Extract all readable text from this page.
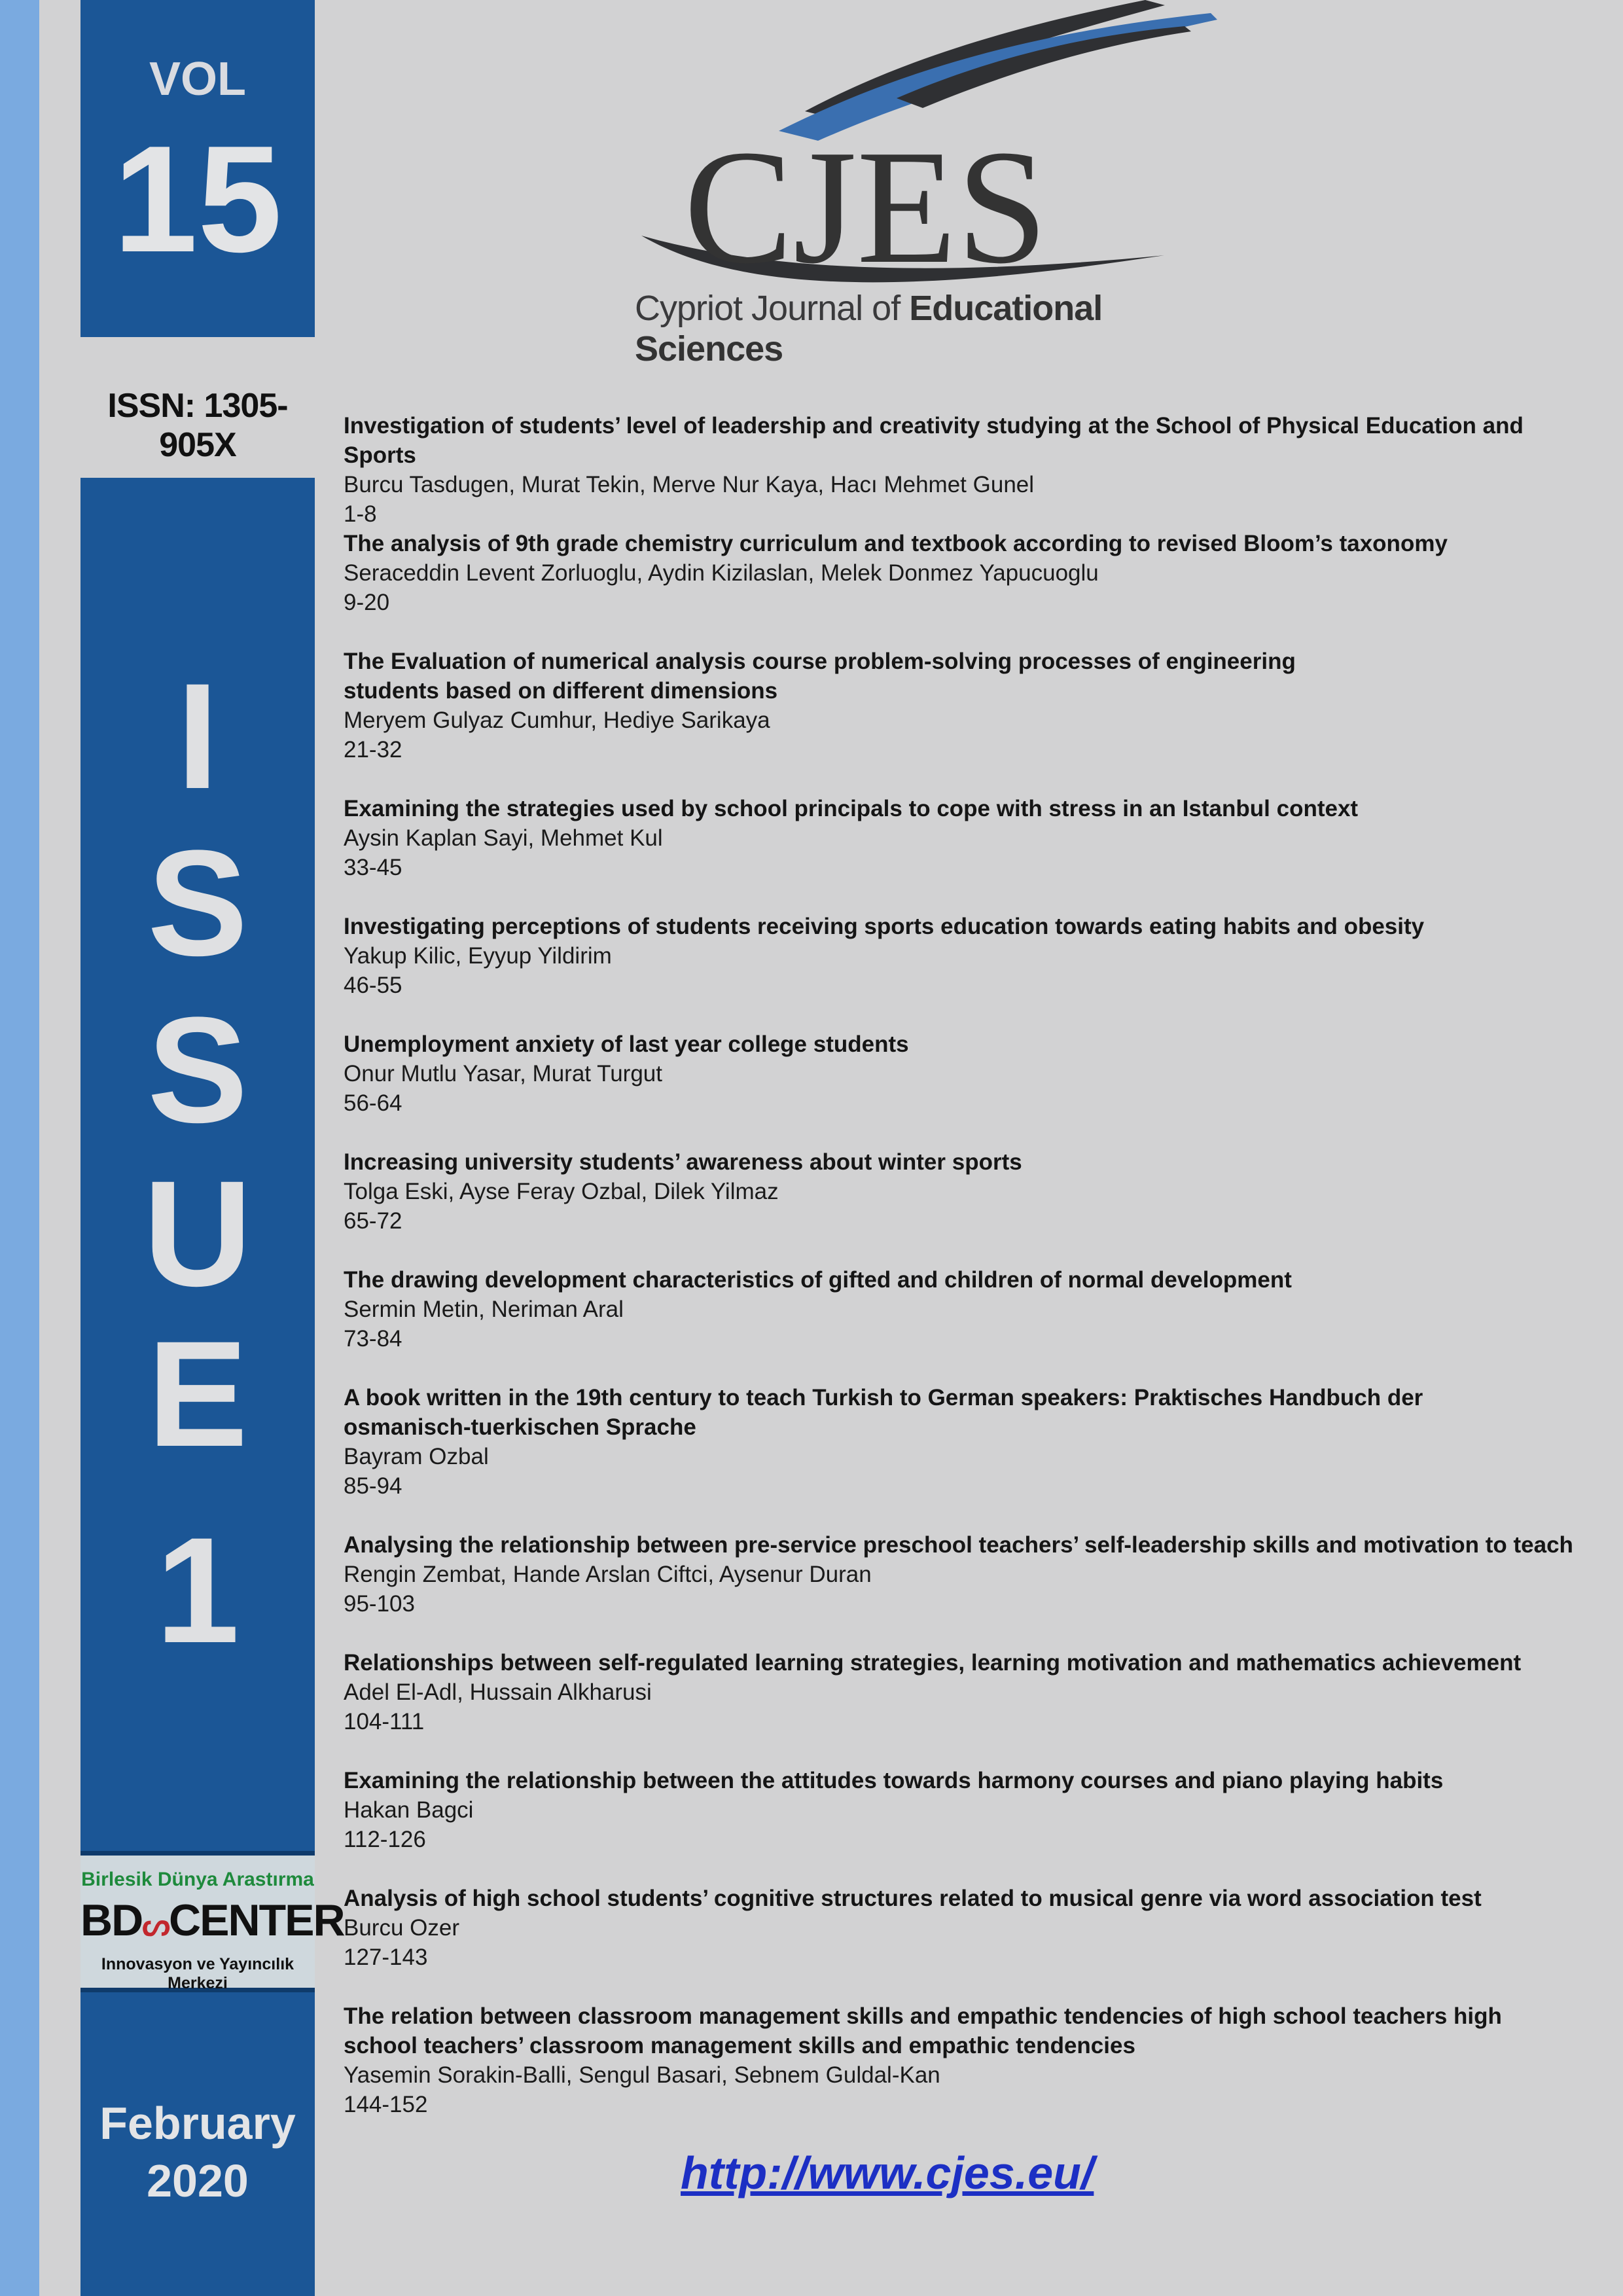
VOL
15
ISSN: 1305-905X
I
S
S
U
E
1
Birlesik Dünya Arastırma
BDᔕCENTER
Innovasyon ve Yayıncılık Merkezi
February
2020
CJES
Cypriot Journal of Educational Sciences
Investigation of students’ level of leadership and creativity studying at the School of Physical Education and Sports
Burcu Tasdugen, Murat Tekin, Merve Nur Kaya, Hacı Mehmet Gunel
1-8
The analysis of 9th grade chemistry curriculum and textbook according to revised Bloom’s taxonomy
Seraceddin Levent Zorluoglu, Aydin Kizilaslan, Melek Donmez Yapucuoglu
9-20
The Evaluation of numerical analysis course problem-solving processes of engineering
students based on different dimensions
Meryem Gulyaz Cumhur, Hediye Sarikaya
21-32
Examining the strategies used by school principals to cope with stress in an Istanbul context
Aysin Kaplan Sayi, Mehmet Kul
33-45
Investigating perceptions of students receiving sports education towards eating habits and obesity
Yakup Kilic, Eyyup Yildirim
46-55
Unemployment anxiety of last year college students
Onur Mutlu Yasar, Murat Turgut
56-64
Increasing university students’ awareness about winter sports
Tolga Eski, Ayse Feray Ozbal, Dilek Yilmaz
65-72
The drawing development characteristics of gifted and children of normal development
Sermin Metin, Neriman Aral
73-84
A book written in the 19th century to teach Turkish to German speakers: Praktisches Handbuch der
osmanisch-tuerkischen Sprache
Bayram Ozbal
85-94
Analysing the relationship between pre-service preschool teachers’ self-leadership skills and motivation to teach
Rengin Zembat, Hande Arslan Ciftci, Aysenur Duran
95-103
Relationships between self-regulated learning strategies, learning motivation and mathematics achievement
Adel El-Adl, Hussain Alkharusi
104-111
Examining the relationship between the attitudes towards harmony courses and piano playing habits
Hakan Bagci
112-126
Analysis of high school students’ cognitive structures related to musical genre via word association test
Burcu Ozer
127-143
The relation between classroom management skills and empathic tendencies of high school teachers high
school teachers’ classroom management skills and empathic tendencies
Yasemin Sorakin-Balli, Sengul Basari, Sebnem Guldal-Kan
144-152
http://www.cjes.eu/
